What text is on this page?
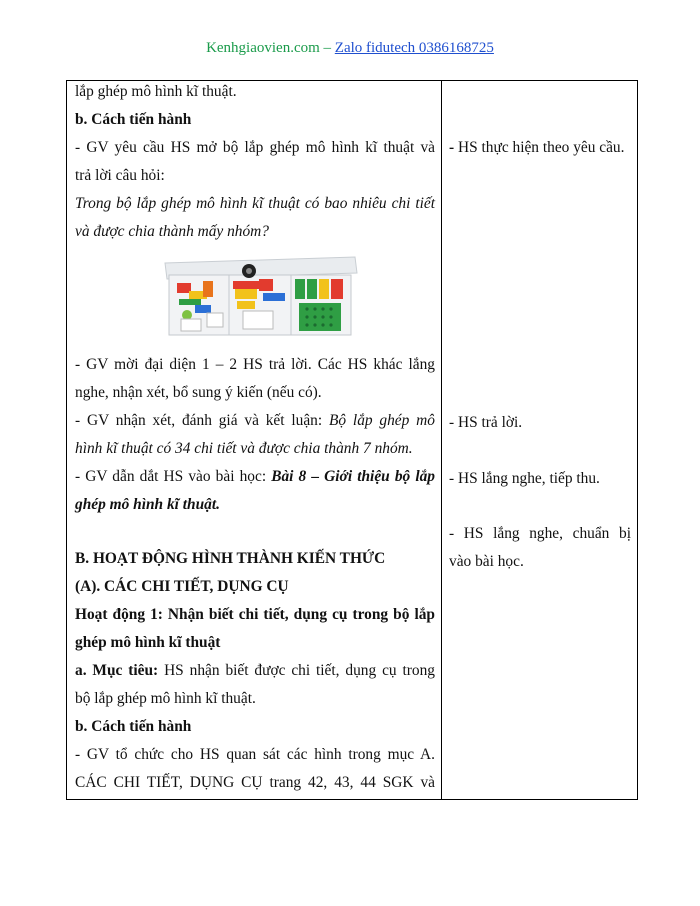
Kenhgiaovien.com – Zalo fidutech 0386168725
lắp ghép mô hình kĩ thuật.
b. Cách tiến hành
- GV yêu cầu HS mở bộ lắp ghép mô hình kĩ thuật và
trả lời câu hỏi:
Trong bộ lắp ghép mô hình kĩ thuật có bao nhiêu chi tiết
và được chia thành mấy nhóm?
- GV mời đại diện 1 – 2 HS trả lời. Các HS khác lắng
nghe, nhận xét, bổ sung ý kiến (nếu có).
- GV nhận xét, đánh giá và kết luận: Bộ lắp ghép mô
hình kĩ thuật có 34 chi tiết và được chia thành 7 nhóm.
- GV dẫn dắt HS vào bài học: Bài 8 – Giới thiệu bộ lắp
ghép mô hình kĩ thuật.
B. HOẠT ĐỘNG HÌNH THÀNH KIẾN THỨC
(A). CÁC CHI TIẾT, DỤNG CỤ
Hoạt động 1: Nhận biết chi tiết, dụng cụ trong bộ lắp
ghép mô hình kĩ thuật
a. Mục tiêu: HS nhận biết được chi tiết, dụng cụ trong
bộ lắp ghép mô hình kĩ thuật.
b. Cách tiến hành
- GV tổ chức cho HS quan sát các hình trong mục A.
CÁC CHI TIẾT, DỤNG CỤ trang 42, 43, 44 SGK và
- HS thực hiện theo yêu cầu.
- HS trả lời.
- HS lắng nghe, tiếp thu.
- HS lắng nghe, chuẩn bị
vào bài học.
